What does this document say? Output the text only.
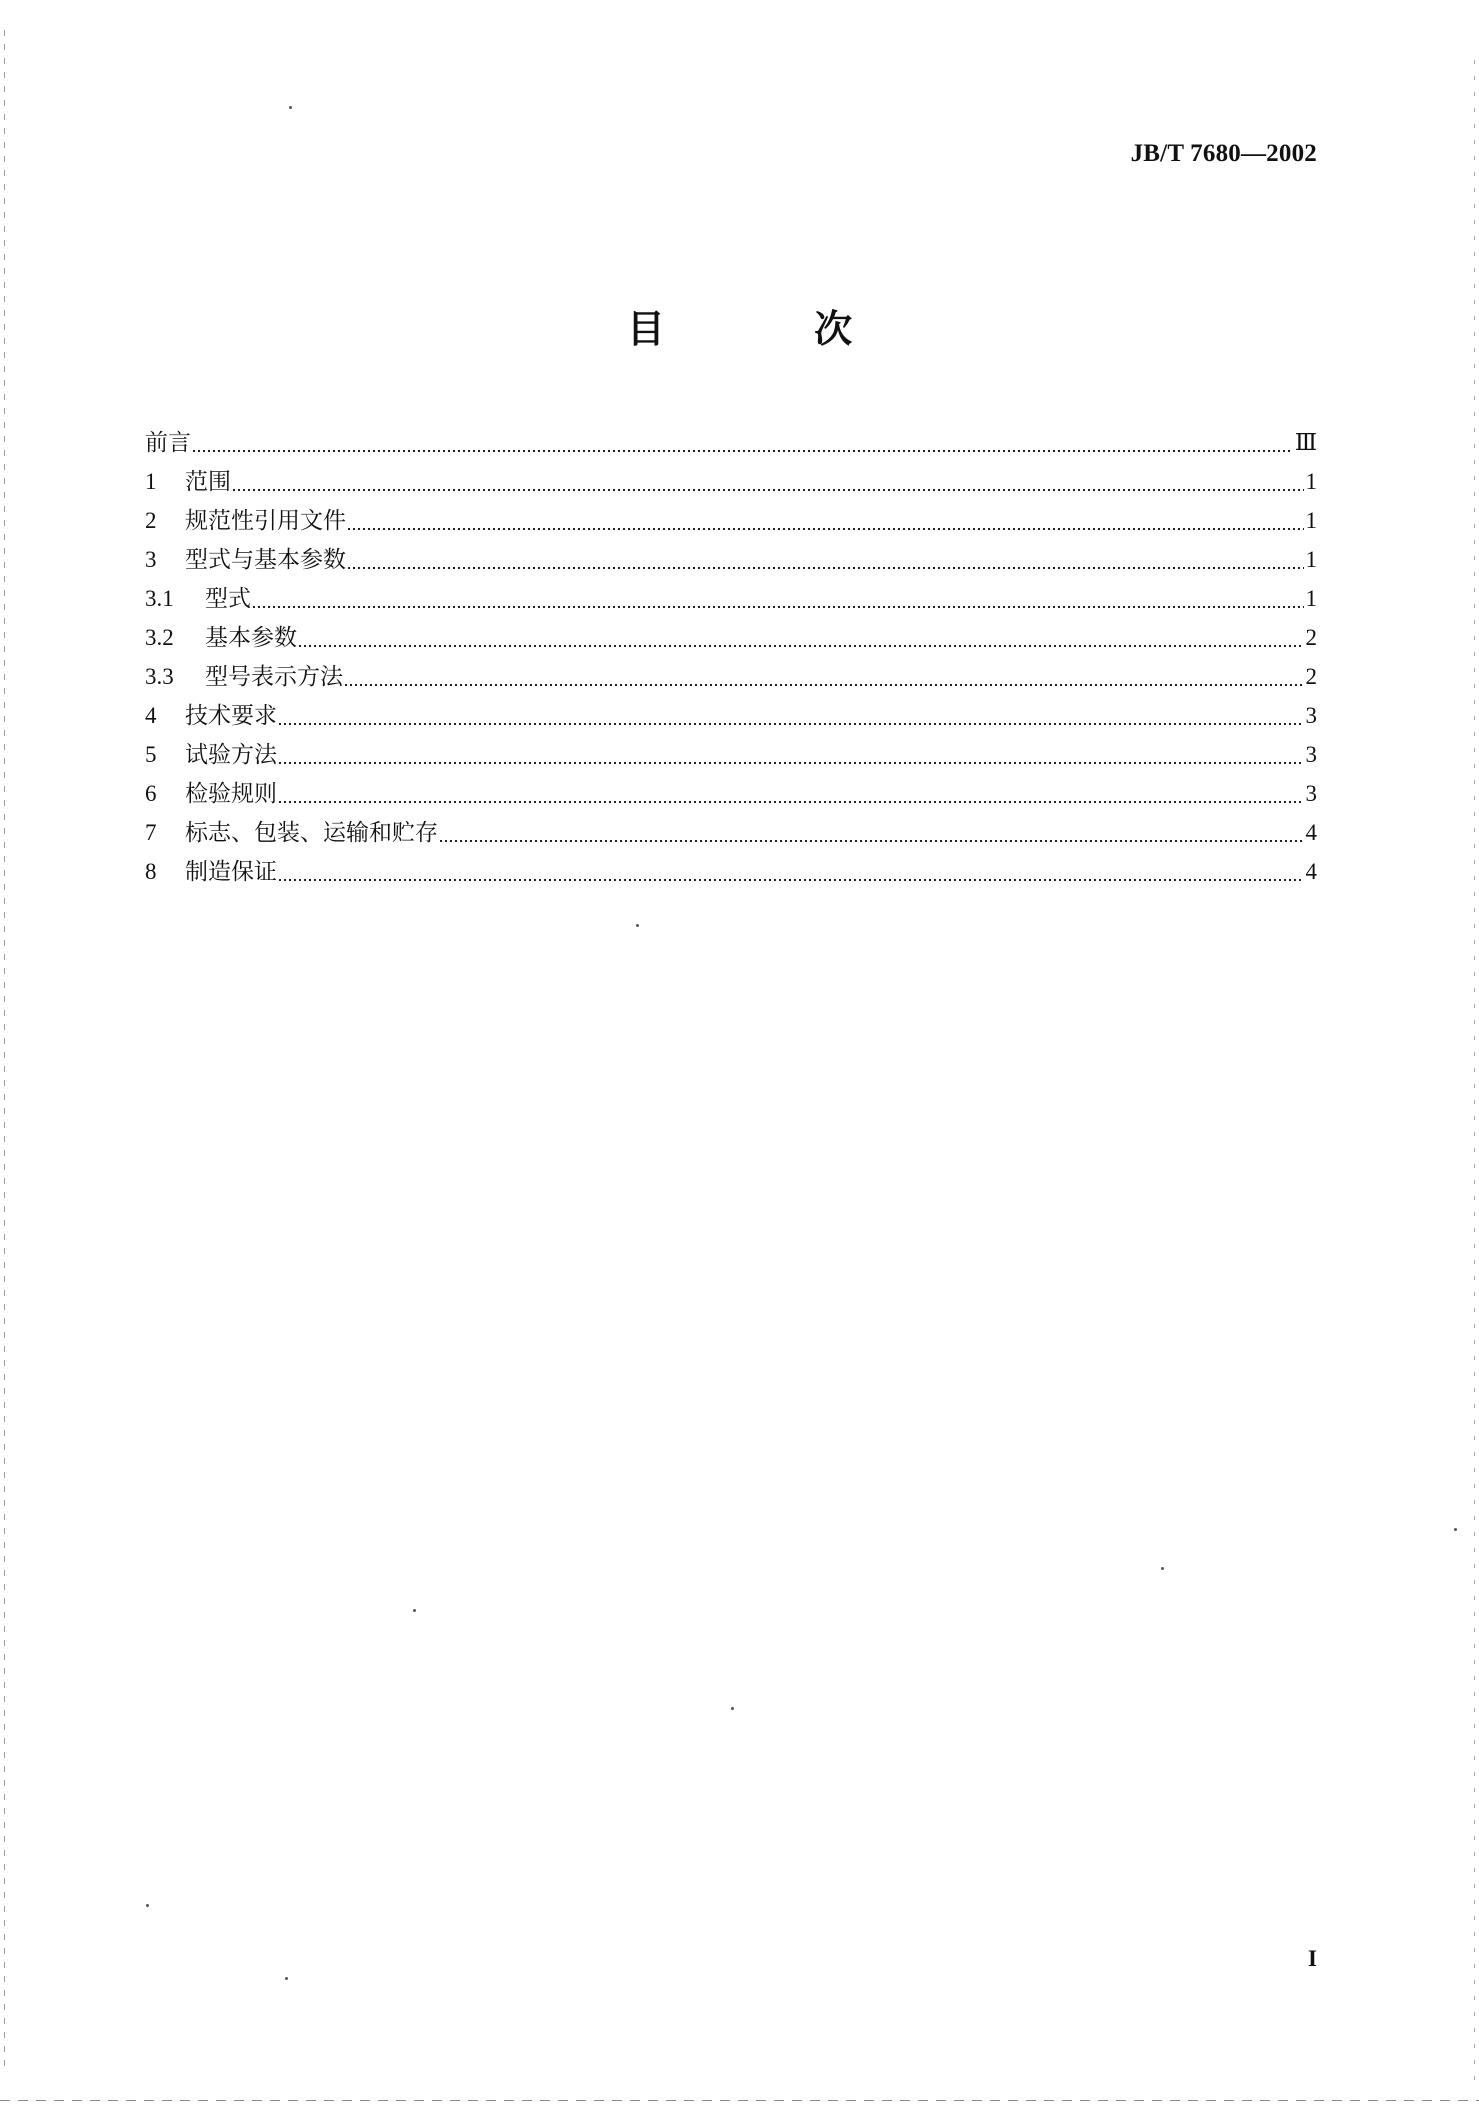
JB/T 7680—2002
目 次
前言	Ⅲ
1	范围	1
2	规范性引用文件	1
3	型式与基本参数	1
3.1	型式	1
3.2	基本参数	2
3.3	型号表示方法	2
4	技术要求	3
5	试验方法	3
6	检验规则	3
7	标志、包装、运输和贮存	4
8	制造保证	4
I
